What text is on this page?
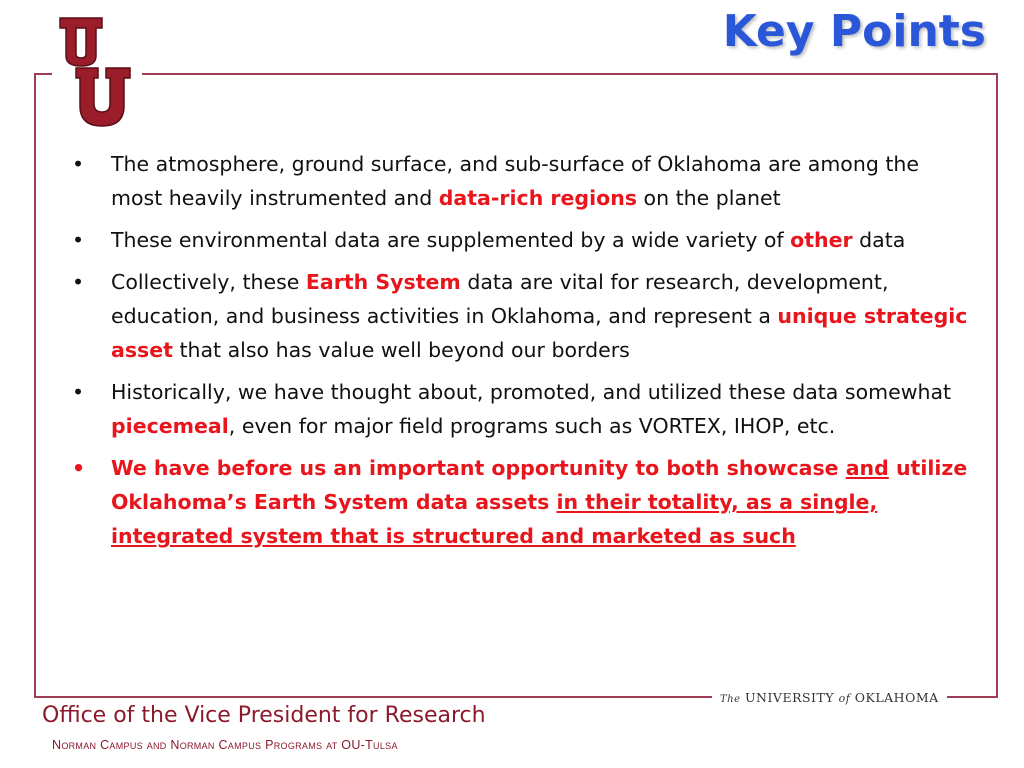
Key Points
• The atmosphere, ground surface, and sub-surface of Oklahoma are among the most heavily instrumented and data-rich regions on the planet
• These environmental data are supplemented by a wide variety of other data
• Collectively, these Earth System data are vital for research, development, education, and business activities in Oklahoma, and represent a unique strategic asset that also has value well beyond our borders
• Historically, we have thought about, promoted, and utilized these data somewhat piecemeal, even for major field programs such as VORTEX, IHOP, etc.
• We have before us an important opportunity to both showcase and utilize Oklahoma’s Earth System data assets in their totality, as a single, integrated system that is structured and marketed as such
The UNIVERSITY of OKLAHOMA
Office of the Vice President for Research
Norman Campus and Norman Campus Programs at OU-Tulsa
